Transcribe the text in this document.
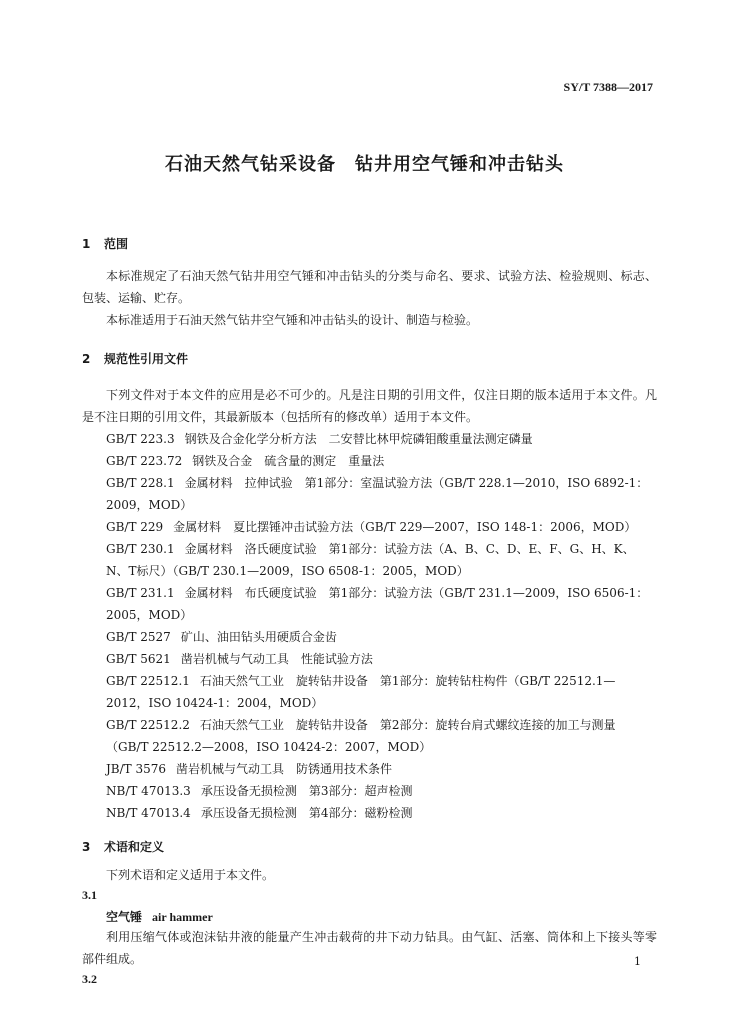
SY/T 7388—2017
石油天然气钻采设备　钻井用空气锤和冲击钻头
1 范围
本标准规定了石油天然气钻井用空气锤和冲击钻头的分类与命名、要求、试验方法、检验规则、标志、包装、运输、贮存。
本标准适用于石油天然气钻井空气锤和冲击钻头的设计、制造与检验。
2 规范性引用文件
下列文件对于本文件的应用是必不可少的。凡是注日期的引用文件，仅注日期的版本适用于本文件。凡是不注日期的引用文件，其最新版本（包括所有的修改单）适用于本文件。
GB/T 223.3 钢铁及合金化学分析方法　二安替比林甲烷磷钼酸重量法测定磷量
GB/T 223.72 钢铁及合金　硫含量的测定　重量法
GB/T 228.1 金属材料　拉伸试验　第1部分：室温试验方法（GB/T 228.1—2010，ISO 6892-1：2009，MOD）
GB/T 229 金属材料　夏比摆锤冲击试验方法（GB/T 229—2007，ISO 148-1：2006，MOD）
GB/T 230.1 金属材料　洛氏硬度试验　第1部分：试验方法（A、B、C、D、E、F、G、H、K、N、T标尺）（GB/T 230.1—2009，ISO 6508-1：2005，MOD）
GB/T 231.1 金属材料　布氏硬度试验　第1部分：试验方法（GB/T 231.1—2009，ISO 6506-1：2005，MOD）
GB/T 2527 矿山、油田钻头用硬质合金齿
GB/T 5621 凿岩机械与气动工具　性能试验方法
GB/T 22512.1 石油天然气工业　旋转钻井设备　第1部分：旋转钻柱构件（GB/T 22512.1—2012，ISO 10424-1：2004，MOD）
GB/T 22512.2 石油天然气工业　旋转钻井设备　第2部分：旋转台肩式螺纹连接的加工与测量（GB/T 22512.2—2008，ISO 10424-2：2007，MOD）
JB/T 3576 凿岩机械与气动工具　防锈通用技术条件
NB/T 47013.3 承压设备无损检测　第3部分：超声检测
NB/T 47013.4 承压设备无损检测　第4部分：磁粉检测
3 术语和定义
下列术语和定义适用于本文件。
3.1
空气锤 air hammer
利用压缩气体或泡沫钻井液的能量产生冲击载荷的井下动力钻具。由气缸、活塞、筒体和上下接头等零部件组成。
3.2
1
